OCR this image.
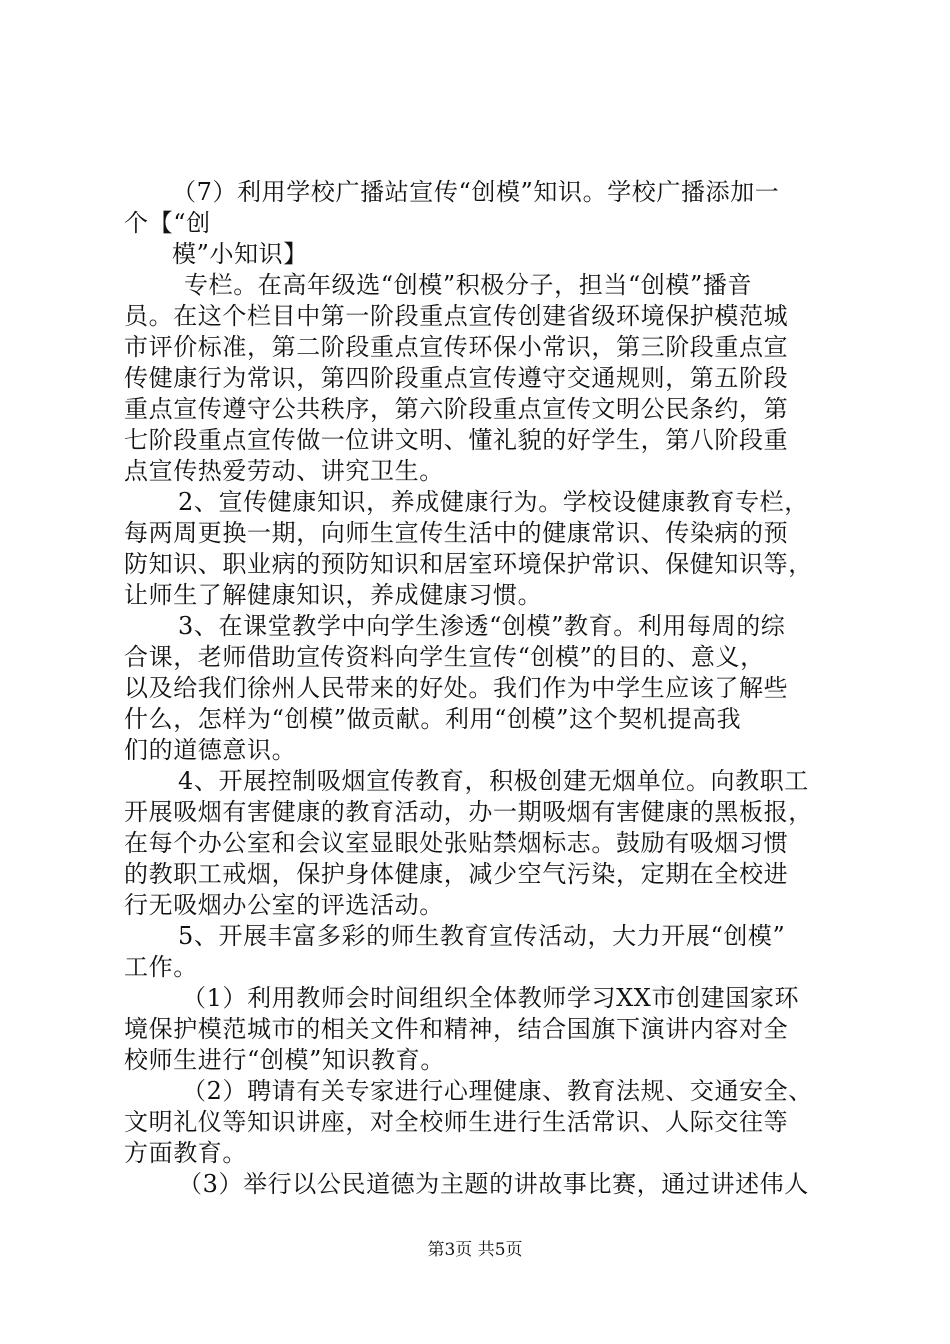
（7）利用学校广播站宣传“创模”知识。学校广播添加一
个【“创
模”小知识】
专栏。在高年级选“创模”积极分子，担当“创模”播音
员。在这个栏目中第一阶段重点宣传创建省级环境保护模范城
市评价标准，第二阶段重点宣传环保小常识，第三阶段重点宣
传健康行为常识，第四阶段重点宣传遵守交通规则，第五阶段
重点宣传遵守公共秩序，第六阶段重点宣传文明公民条约，第
七阶段重点宣传做一位讲文明、懂礼貌的好学生，第八阶段重
点宣传热爱劳动、讲究卫生。
2、宣传健康知识，养成健康行为。学校设健康教育专栏，
每两周更换一期，向师生宣传生活中的健康常识、传染病的预
防知识、职业病的预防知识和居室环境保护常识、保健知识等，
让师生了解健康知识，养成健康习惯。
3、在课堂教学中向学生渗透“创模”教育。利用每周的综
合课，老师借助宣传资料向学生宣传“创模”的目的、意义，
以及给我们徐州人民带来的好处。我们作为中学生应该了解些
什么，怎样为“创模”做贡献。利用“创模”这个契机提高我
们的道德意识。
4、开展控制吸烟宣传教育，积极创建无烟单位。向教职工
开展吸烟有害健康的教育活动，办一期吸烟有害健康的黑板报，
在每个办公室和会议室显眼处张贴禁烟标志。鼓励有吸烟习惯
的教职工戒烟，保护身体健康，减少空气污染，定期在全校进
行无吸烟办公室的评选活动。
5、开展丰富多彩的师生教育宣传活动，大力开展“创模”
工作。
（1）利用教师会时间组织全体教师学习XX市创建国家环
境保护模范城市的相关文件和精神，结合国旗下演讲内容对全
校师生进行“创模”知识教育。
（2）聘请有关专家进行心理健康、教育法规、交通安全、
文明礼仪等知识讲座，对全校师生进行生活常识、人际交往等
方面教育。
（3）举行以公民道德为主题的讲故事比赛，通过讲述伟人
第3页 共5页
